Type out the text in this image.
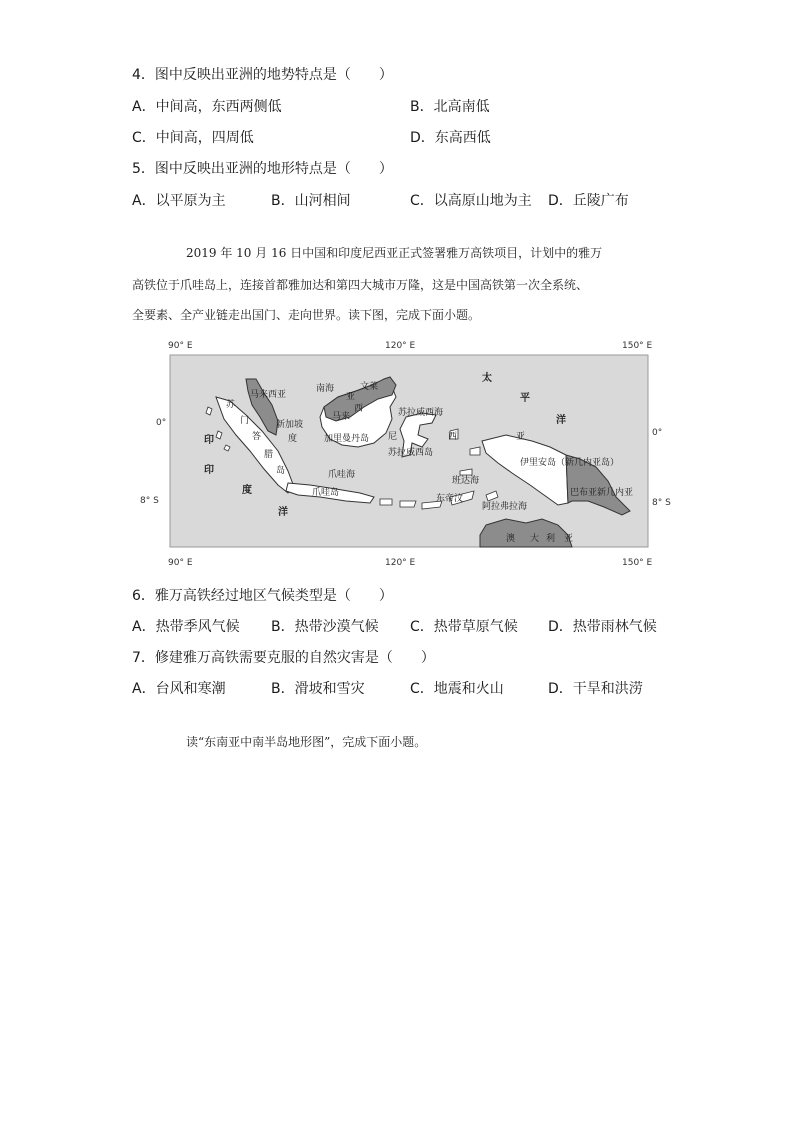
4．图中反映出亚洲的地势特点是（　　）
A．中间高，东西两侧低	B．北高南低
C．中间高，四周低	D．东高西低
5．图中反映出亚洲的地形特点是（　　）
A．以平原为主	B．山河相间	C．以高原山地为主 D．丘陵广布
2019 年 10 月 16 日中国和印度尼西亚正式签署雅万高铁项目，计划中的雅万
高铁位于爪哇岛上，连接首都雅加达和第四大城市万隆，这是中国高铁第一次全系统、
全要素、全产业链走出国门、走向世界。读下图，完成下面小题。
90° E	120° E	150° E
90° E	120° E	150° E
0°
8° S
0°
8° S
马来西亚
南海	文莱
亚
西
马来
新加坡
加里曼丹岛 尼	西	亚
苏拉威西海
苏拉威西岛
苏
门
答
腊
岛
度
爪哇海
爪哇岛
班达海
东帝汶
阿拉弗拉海
伊里安岛（新几内亚岛）
巴布亚新几内亚
澳 大 利 亚
太
平
洋
印
印
度
洋
6．雅万高铁经过地区气候类型是（　　）
A．热带季风气候 B．热带沙漠气候 C．热带草原气候 D．热带雨林气候
7．修建雅万高铁需要克服的自然灾害是（　　）
A．台风和寒潮	B．滑坡和雪灾	C．地震和火山	D．干旱和洪涝
读“东南亚中南半岛地形图”，完成下面小题。
